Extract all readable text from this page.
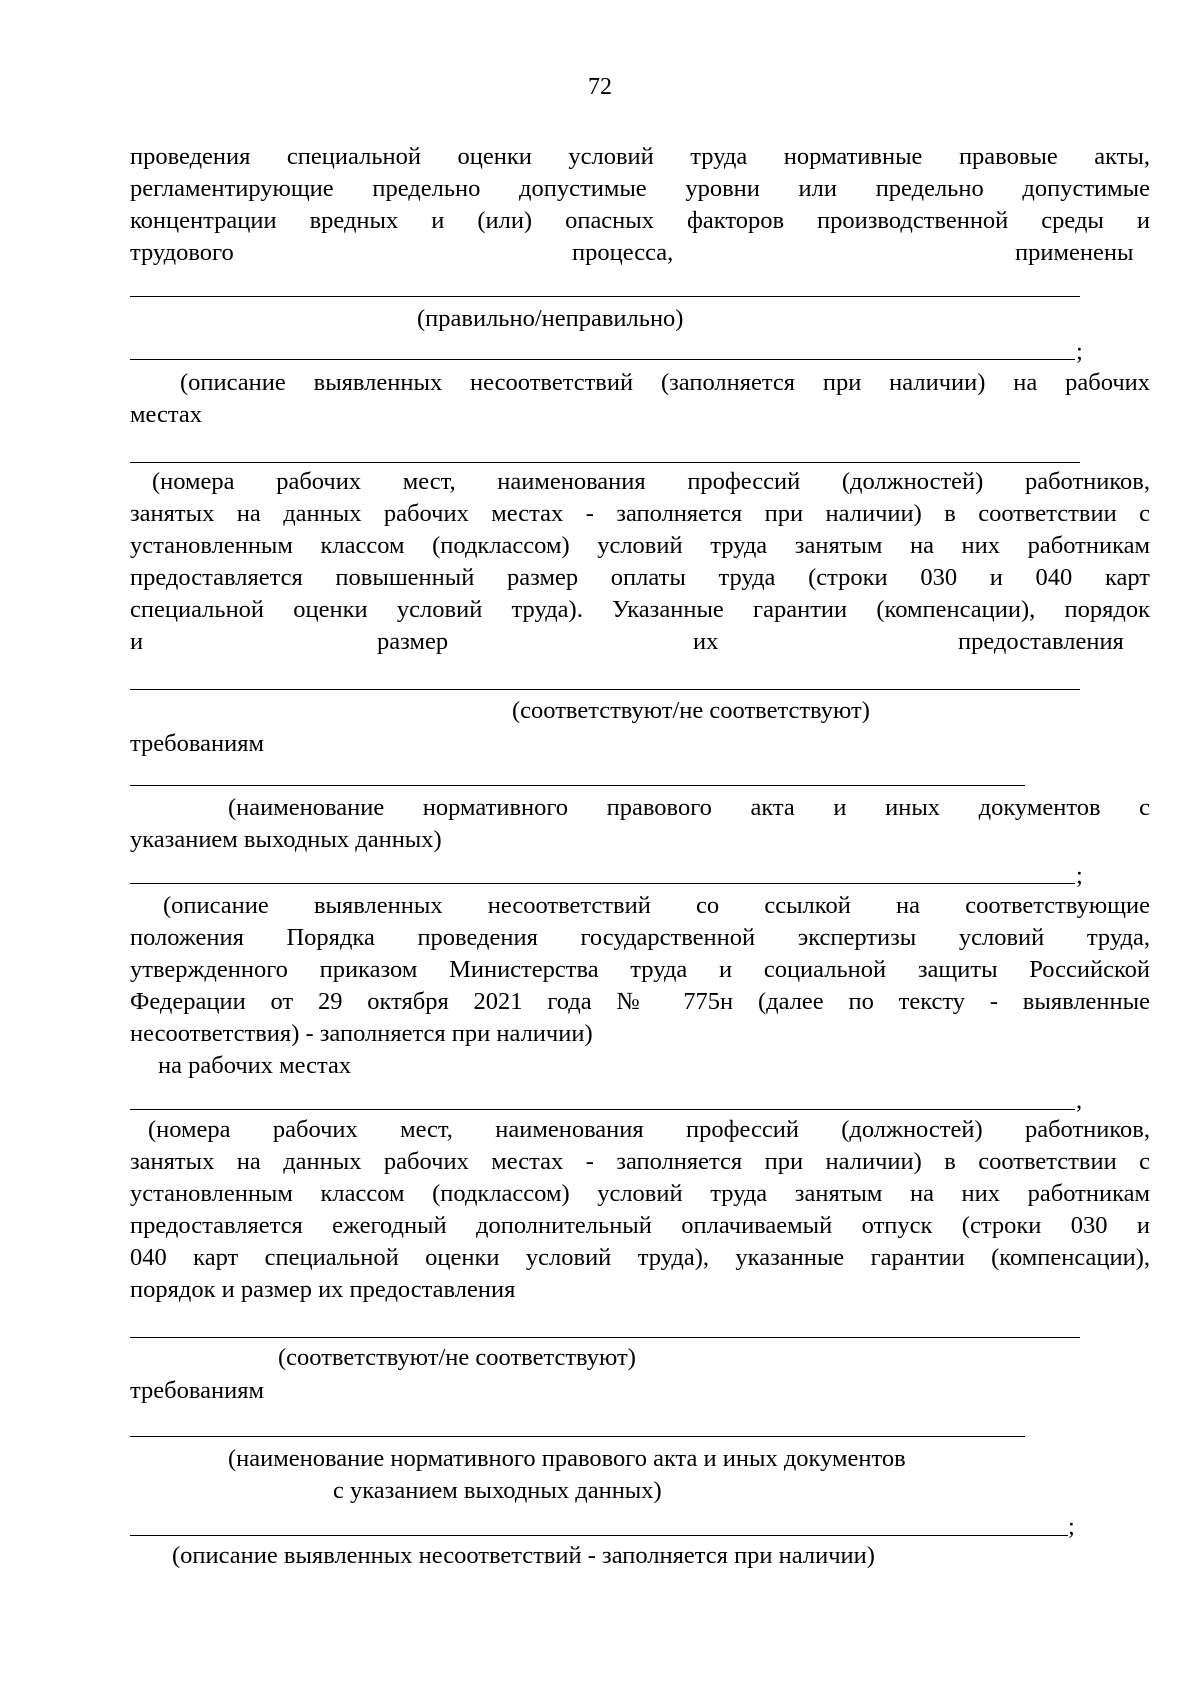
72
проведения специальной оценки условий труда нормативные правовые акты,
регламентирующие предельно допустимые уровни или предельно допустимые
концентрации вредных и (или) опасных факторов производственной среды и
трудового	процесса,	применены
(правильно/неправильно)
;
(описание выявленных несоответствий (заполняется при наличии) на рабочих
местах
(номера рабочих мест, наименования профессий (должностей) работников,
занятых на данных рабочих местах - заполняется при наличии) в соответствии с
установленным классом (подклассом) условий труда занятым на них работникам
предоставляется повышенный размер оплаты труда (строки 030 и 040 карт
специальной оценки условий труда). Указанные гарантии (компенсации), порядок
и	размер	их	предоставления
(соответствуют/не соответствуют)
требованиям
(наименование нормативного правового акта и иных документов с
указанием выходных данных)
;
(описание выявленных несоответствий со ссылкой на соответствующие
положения Порядка проведения государственной экспертизы условий труда,
утвержденного приказом Министерства труда и социальной защиты Российской
Федерации от 29 октября 2021 года № 775н (далее по тексту - выявленные
несоответствия) - заполняется при наличии)
на рабочих местах
,
(номера рабочих мест, наименования профессий (должностей) работников,
занятых на данных рабочих местах - заполняется при наличии) в соответствии с
установленным классом (подклассом) условий труда занятым на них работникам
предоставляется ежегодный дополнительный оплачиваемый отпуск (строки 030 и
040 карт специальной оценки условий труда), указанные гарантии (компенсации),
порядок и размер их предоставления
(соответствуют/не соответствуют)
требованиям
(наименование нормативного правового акта и иных документов
с указанием выходных данных)
;
(описание выявленных несоответствий - заполняется при наличии)
